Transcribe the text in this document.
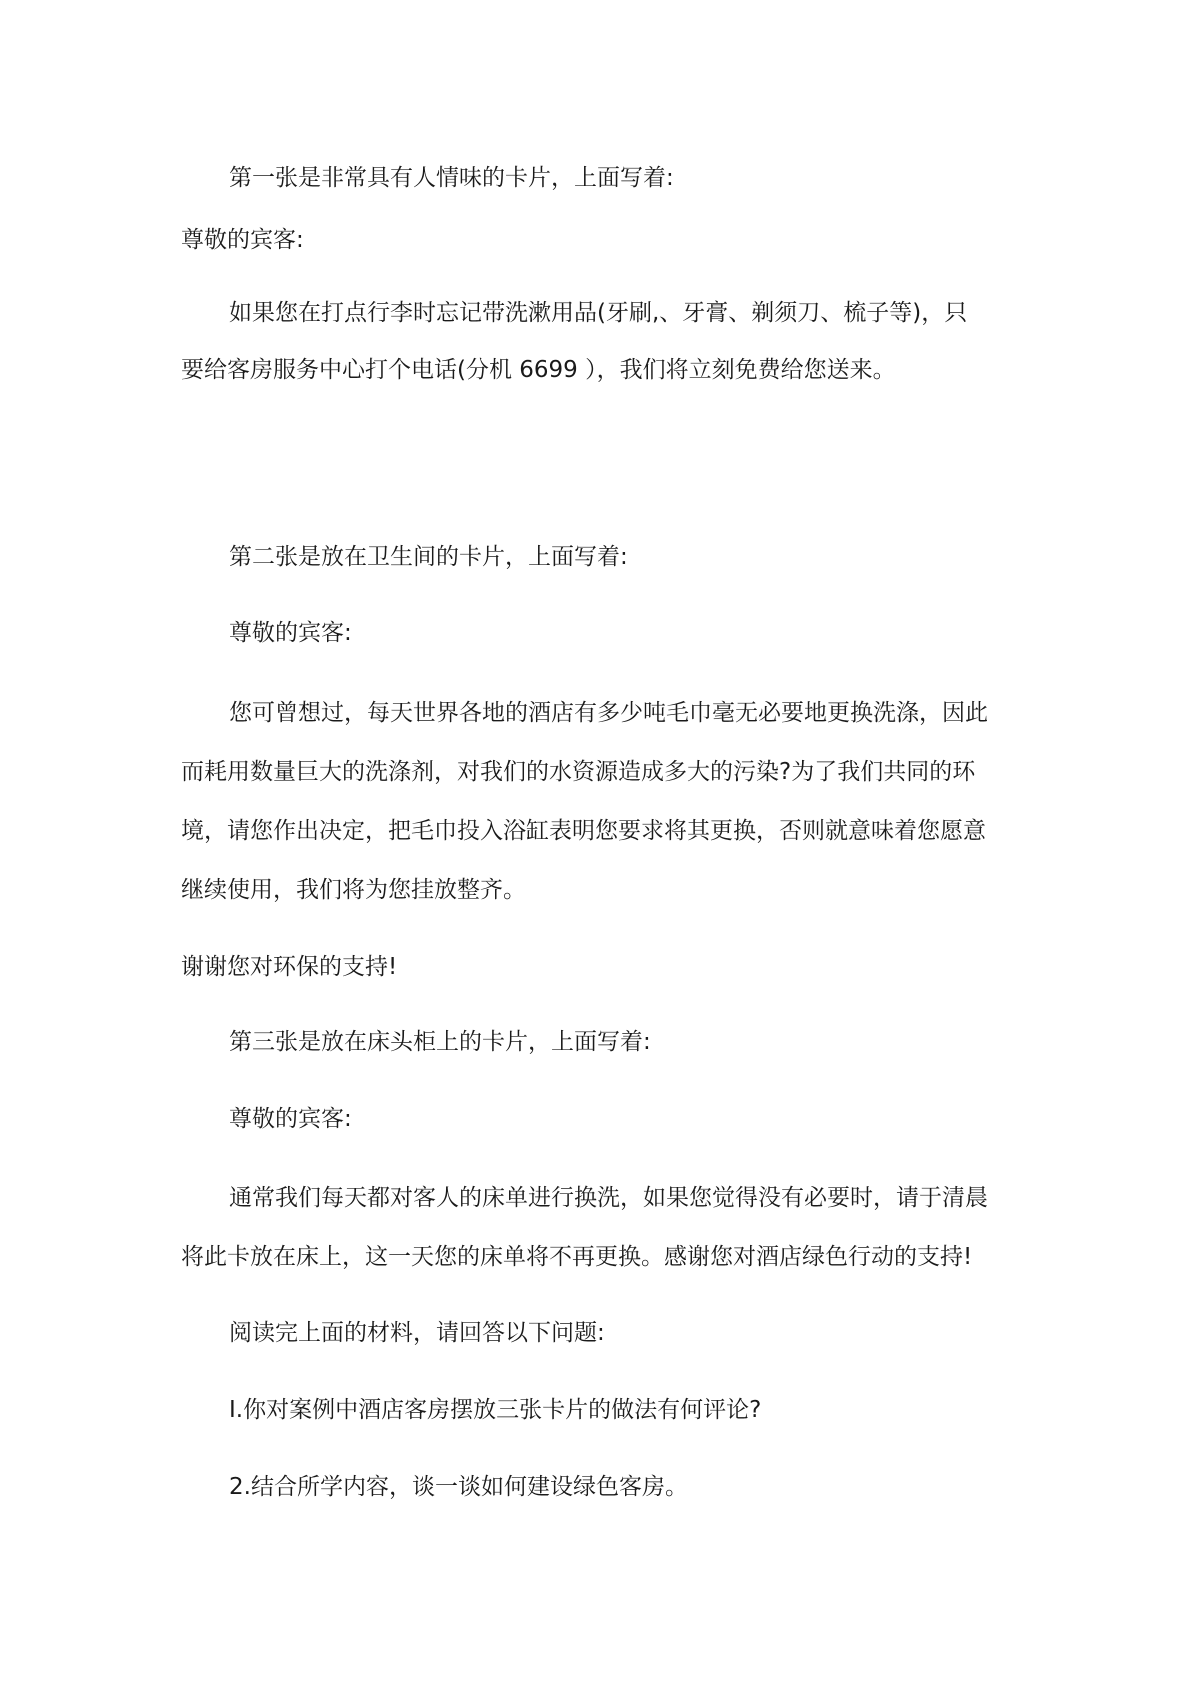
第一张是非常具有人情味的卡片，上面写着:
尊敬的宾客:
如果您在打点行李时忘记带洗漱用品(牙刷,、牙膏、剃须刀、梳子等)，只
要给客房服务中心打个电话(分机 6699 ），我们将立刻免费给您送来。
第二张是放在卫生间的卡片，上面写着:
尊敬的宾客:
您可曾想过，每天世界各地的酒店有多少吨毛巾毫无必要地更换洗涤，因此
而耗用数量巨大的洗涤剂，对我们的水资源造成多大的污染?为了我们共同的环
境，请您作出决定，把毛巾投入浴缸表明您要求将其更换，否则就意味着您愿意
继续使用，我们将为您挂放整齐。
谢谢您对环保的支持!
第三张是放在床头柜上的卡片，上面写着:
尊敬的宾客:
通常我们每天都对客人的床单进行换洗，如果您觉得没有必要时，请于清晨
将此卡放在床上，这一天您的床单将不再更换。感谢您对酒店绿色行动的支持!
阅读完上面的材料，请回答以下问题:
I.你对案例中酒店客房摆放三张卡片的做法有何评论?
2.结合所学内容，谈一谈如何建设绿色客房。
